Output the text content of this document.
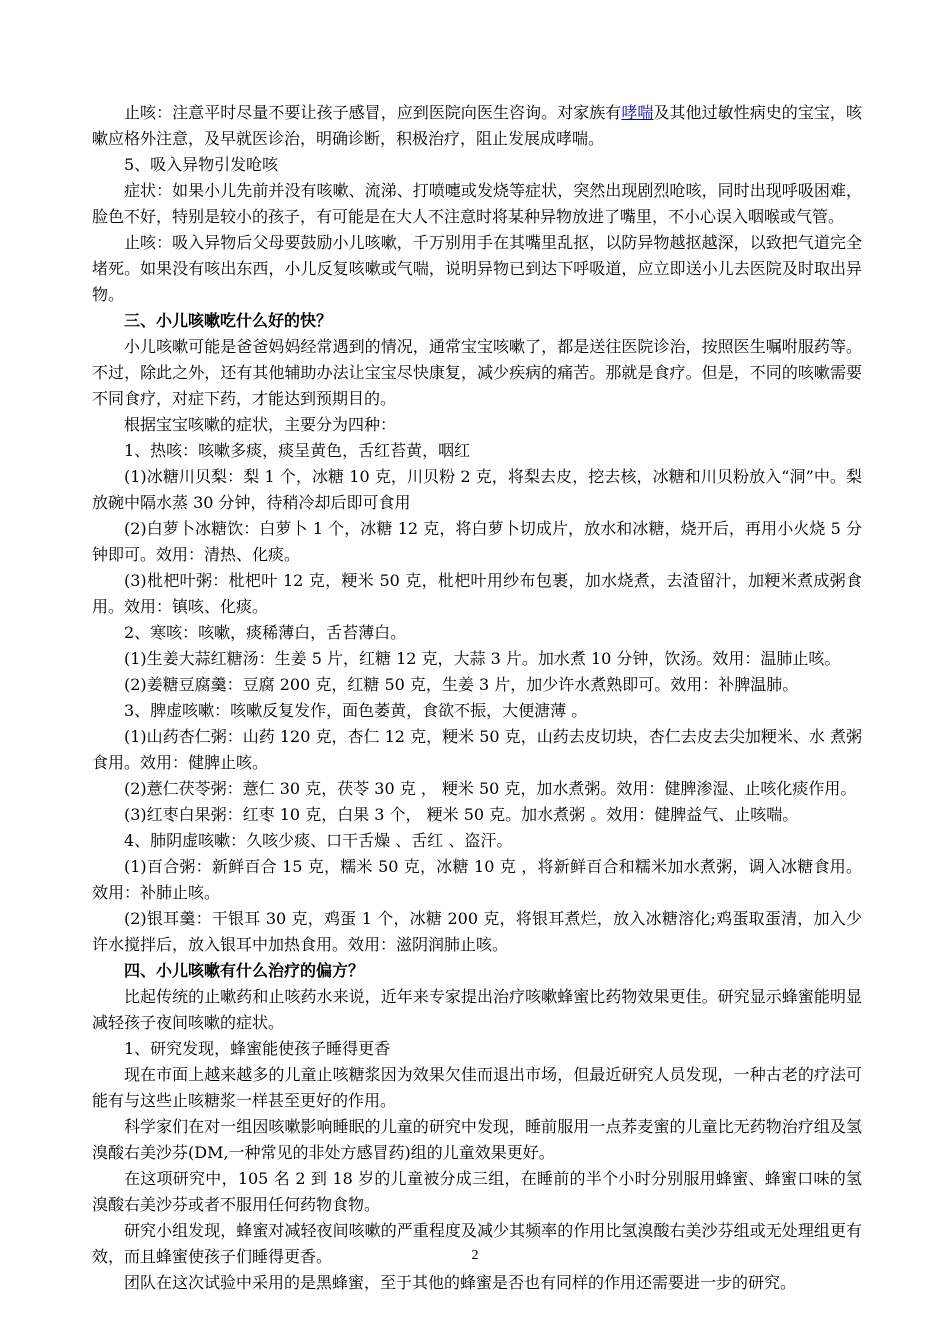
止咳：注意平时尽量不要让孩子感冒，应到医院向医生咨询。对家族有哮喘及其他过敏性病史的宝宝，咳嗽应格外注意，及早就医诊治，明确诊断，积极治疗，阻止发展成哮喘。

5、吸入异物引发呛咳

症状：如果小儿先前并没有咳嗽、流涕、打喷嚏或发烧等症状，突然出现剧烈呛咳，同时出现呼吸困难，脸色不好，特别是较小的孩子，有可能是在大人不注意时将某种异物放进了嘴里，不小心误入咽喉或气管。

止咳：吸入异物后父母要鼓励小儿咳嗽，千万别用手在其嘴里乱抠，以防异物越抠越深，以致把气道完全堵死。如果没有咳出东西，小儿反复咳嗽或气喘，说明异物已到达下呼吸道，应立即送小儿去医院及时取出异物。

三、小儿咳嗽吃什么好的快？

小儿咳嗽可能是爸爸妈妈经常遇到的情况，通常宝宝咳嗽了，都是送往医院诊治，按照医生嘱咐服药等。不过，除此之外，还有其他辅助办法让宝宝尽快康复，减少疾病的痛苦。那就是食疗。但是，不同的咳嗽需要不同食疗，对症下药，才能达到预期目的。

根据宝宝咳嗽的症状，主要分为四种：

1、热咳：咳嗽多痰，痰呈黄色，舌红苔黄，咽红

(1)冰糖川贝梨：梨 1 个，冰糖 10 克，川贝粉 2 克，将梨去皮，挖去核，冰糖和川贝粉放入“洞”中。梨放碗中隔水蒸 30 分钟，待稍冷却后即可食用

(2)白萝卜冰糖饮：白萝卜 1 个，冰糖 12 克，将白萝卜切成片，放水和冰糖，烧开后，再用小火烧 5 分钟即可。效用：清热、化痰。

(3)枇杷叶粥：枇杷叶 12 克，粳米 50 克，枇杷叶用纱布包裹，加水烧煮，去渣留汁，加粳米煮成粥食用。效用：镇咳、化痰。

2、寒咳：咳嗽，痰稀薄白，舌苔薄白。

(1)生姜大蒜红糖汤：生姜 5 片，红糖 12 克，大蒜 3 片。加水煮 10 分钟，饮汤。效用：温肺止咳。

(2)姜糖豆腐羹：豆腐 200 克，红糖 50 克，生姜 3 片，加少许水煮熟即可。效用：补脾温肺。

3、脾虚咳嗽：咳嗽反复发作，面色萎黄，食欲不振，大便溏薄 。

(1)山药杏仁粥：山药 120 克，杏仁 12 克，粳米 50 克，山药去皮切块，杏仁去皮去尖加粳米、水 煮粥食用。效用：健脾止咳。

(2)薏仁茯苓粥：薏仁 30 克，茯苓 30 克 ， 粳米 50 克，加水煮粥。效用：健脾渗湿、止咳化痰作用。

(3)红枣白果粥：红枣 10 克，白果 3 个， 粳米 50 克。加水煮粥 。效用：健脾益气、止咳喘。

4、肺阴虚咳嗽：久咳少痰、口干舌燥 、舌红 、盗汗。

(1)百合粥：新鲜百合 15 克，糯米 50 克，冰糖 10 克 ，将新鲜百合和糯米加水煮粥，调入冰糖食用。效用：补肺止咳。

(2)银耳羹：干银耳 30 克，鸡蛋 1 个，冰糖 200 克，将银耳煮烂，放入冰糖溶化;鸡蛋取蛋清，加入少许水搅拌后，放入银耳中加热食用。效用：滋阴润肺止咳。

四、小儿咳嗽有什么治疗的偏方？

比起传统的止嗽药和止咳药水来说，近年来专家提出治疗咳嗽蜂蜜比药物效果更佳。研究显示蜂蜜能明显减轻孩子夜间咳嗽的症状。

1、研究发现，蜂蜜能使孩子睡得更香

现在市面上越来越多的儿童止咳糖浆因为效果欠佳而退出市场，但最近研究人员发现，一种古老的疗法可能有与这些止咳糖浆一样甚至更好的作用。

科学家们在对一组因咳嗽影响睡眠的儿童的研究中发现，睡前服用一点荞麦蜜的儿童比无药物治疗组及氢溴酸右美沙芬(DM,一种常见的非处方感冒药)组的儿童效果更好。

在这项研究中，105 名 2 到 18 岁的儿童被分成三组，在睡前的半个小时分别服用蜂蜜、蜂蜜口味的氢溴酸右美沙芬或者不服用任何药物食物。

研究小组发现，蜂蜜对减轻夜间咳嗽的严重程度及减少其频率的作用比氢溴酸右美沙芬组或无处理组更有效，而且蜂蜜使孩子们睡得更香。

团队在这次试验中采用的是黑蜂蜜，至于其他的蜂蜜是否也有同样的作用还需要进一步的研究。

2
